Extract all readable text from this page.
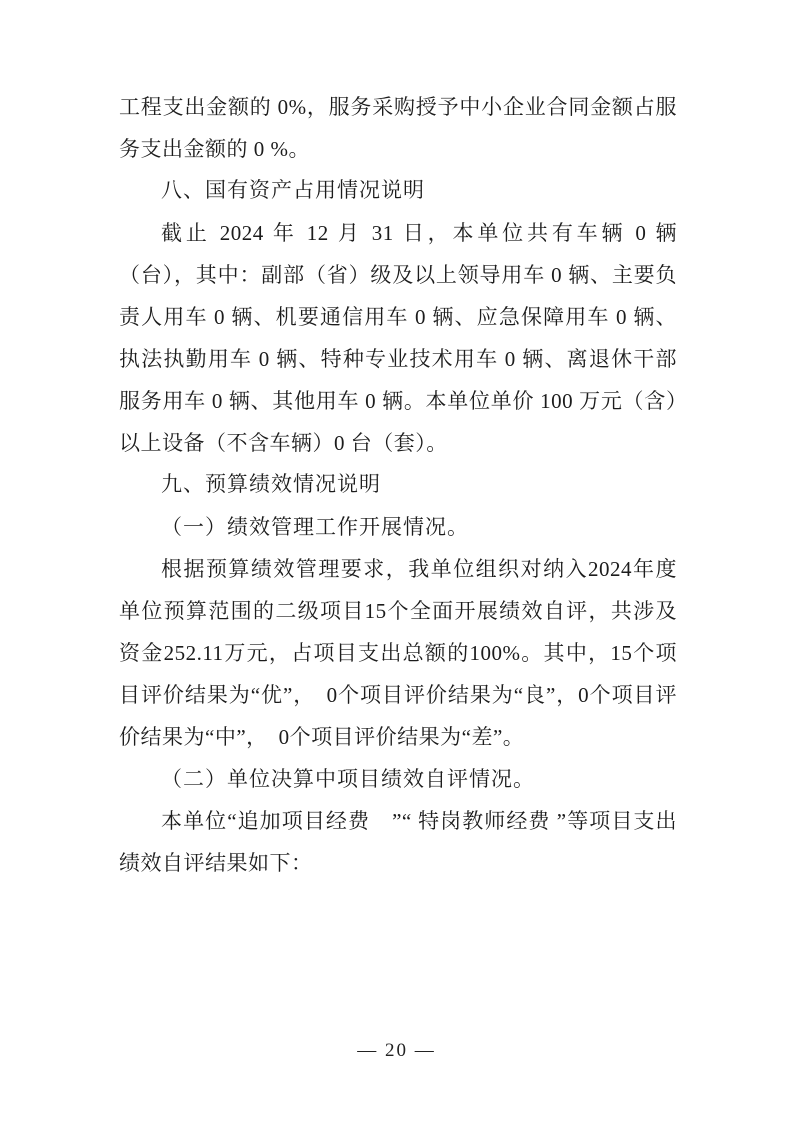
工程支出金额的 0%，服务采购授予中小企业合同金额占服务支出金额的 0 %。

八、国有资产占用情况说明

截止 2024 年 12 月 31 日，本单位共有车辆 0 辆（台），其中：副部（省）级及以上领导用车 0 辆、主要负责人用车 0 辆、机要通信用车 0 辆、应急保障用车 0 辆、执法执勤用车 0 辆、特种专业技术用车 0 辆、离退休干部服务用车 0 辆、其他用车 0 辆。本单位单价 100 万元（含）以上设备（不含车辆）0 台（套）。

九、预算绩效情况说明
（一）绩效管理工作开展情况。

根据预算绩效管理要求，我单位组织对纳入2024年度单位预算范围的二级项目15个全面开展绩效自评，共涉及资金252.11万元，占项目支出总额的100%。其中，15个项目评价结果为“优”，　0个项目评价结果为“良”，0个项目评价结果为“中”，　0个项目评价结果为“差”。

（二）单位决算中项目绩效自评情况。

本单位“追加项目经费　”“ 特岗教师经费 ”等项目支出绩效自评结果如下：

— 20 —
